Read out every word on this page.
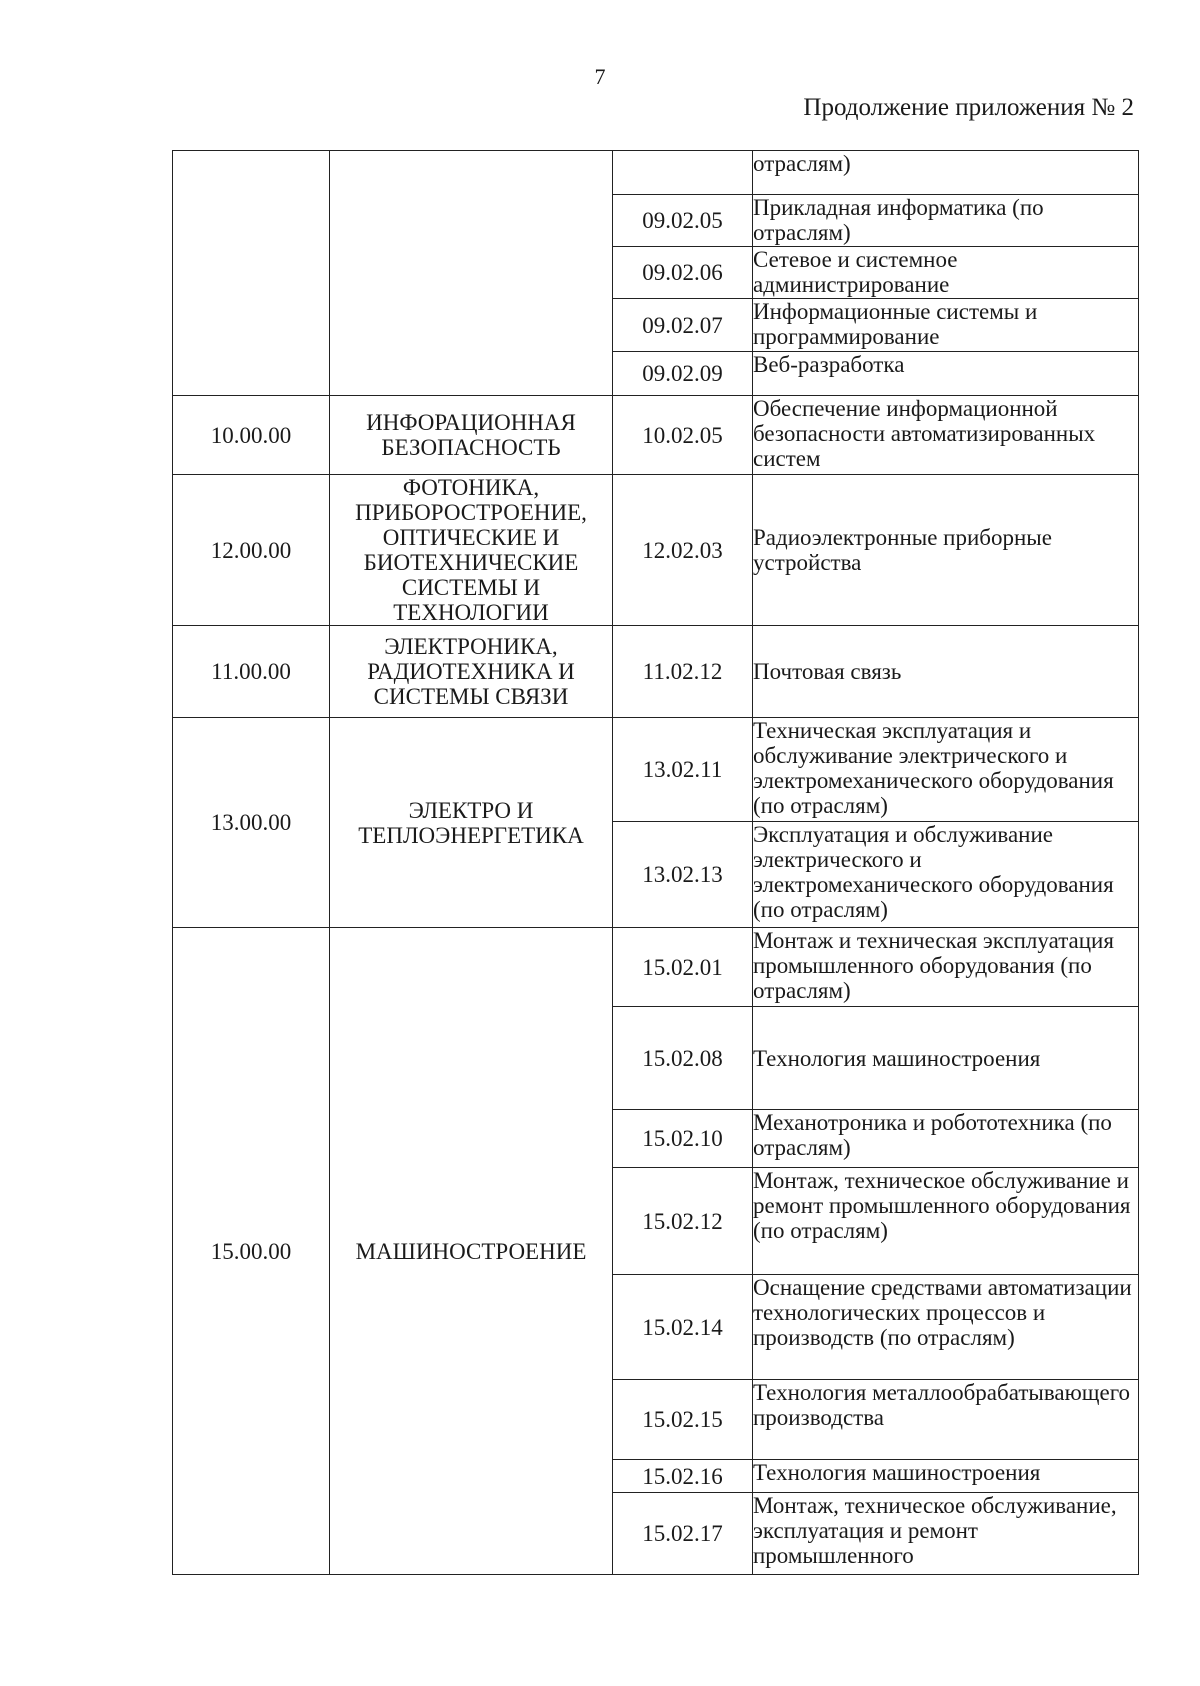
7
Продолжение приложения № 2
			отраслям)
		09.02.05	Прикладная информатика (по отраслям)
		09.02.06	Сетевое и системное администрирование
		09.02.07	Информационные системы и программирование
		09.02.09	Веб-разработка
10.00.00	ИНФОРАЦИОННАЯ БЕЗОПАСНОСТЬ	10.02.05	Обеспечение информационной безопасности автоматизированных систем
12.00.00	ФОТОНИКА, ПРИБОРОСТРОЕНИЕ, ОПТИЧЕСКИЕ И БИОТЕХНИЧЕСКИЕ СИСТЕМЫ И ТЕХНОЛОГИИ	12.02.03	Радиоэлектронные приборные устройства
11.00.00	ЭЛЕКТРОНИКА, РАДИОТЕХНИКА И СИСТЕМЫ СВЯЗИ	11.02.12	Почтовая связь
13.00.00	ЭЛЕКТРО И ТЕПЛОЭНЕРГЕТИКА	13.02.11	Техническая эксплуатация и обслуживание электрического и электромеханического оборудования (по отраслям)
		13.02.13	Эксплуатация и обслуживание электрического и электромеханического оборудования (по отраслям)
15.00.00	МАШИНОСТРОЕНИЕ	15.02.01	Монтаж и техническая эксплуатация промышленного оборудования (по отраслям)
		15.02.08	Технология машиностроения
		15.02.10	Механотроника и робототехника (по отраслям)
		15.02.12	Монтаж, техническое обслуживание и ремонт промышленного оборудования (по отраслям)
		15.02.14	Оснащение средствами автоматизации технологических процессов и производств (по отраслям)
		15.02.15	Технология металлообрабатывающего производства
		15.02.16	Технология машиностроения
		15.02.17	Монтаж, техническое обслуживание, эксплуатация и ремонт промышленного
